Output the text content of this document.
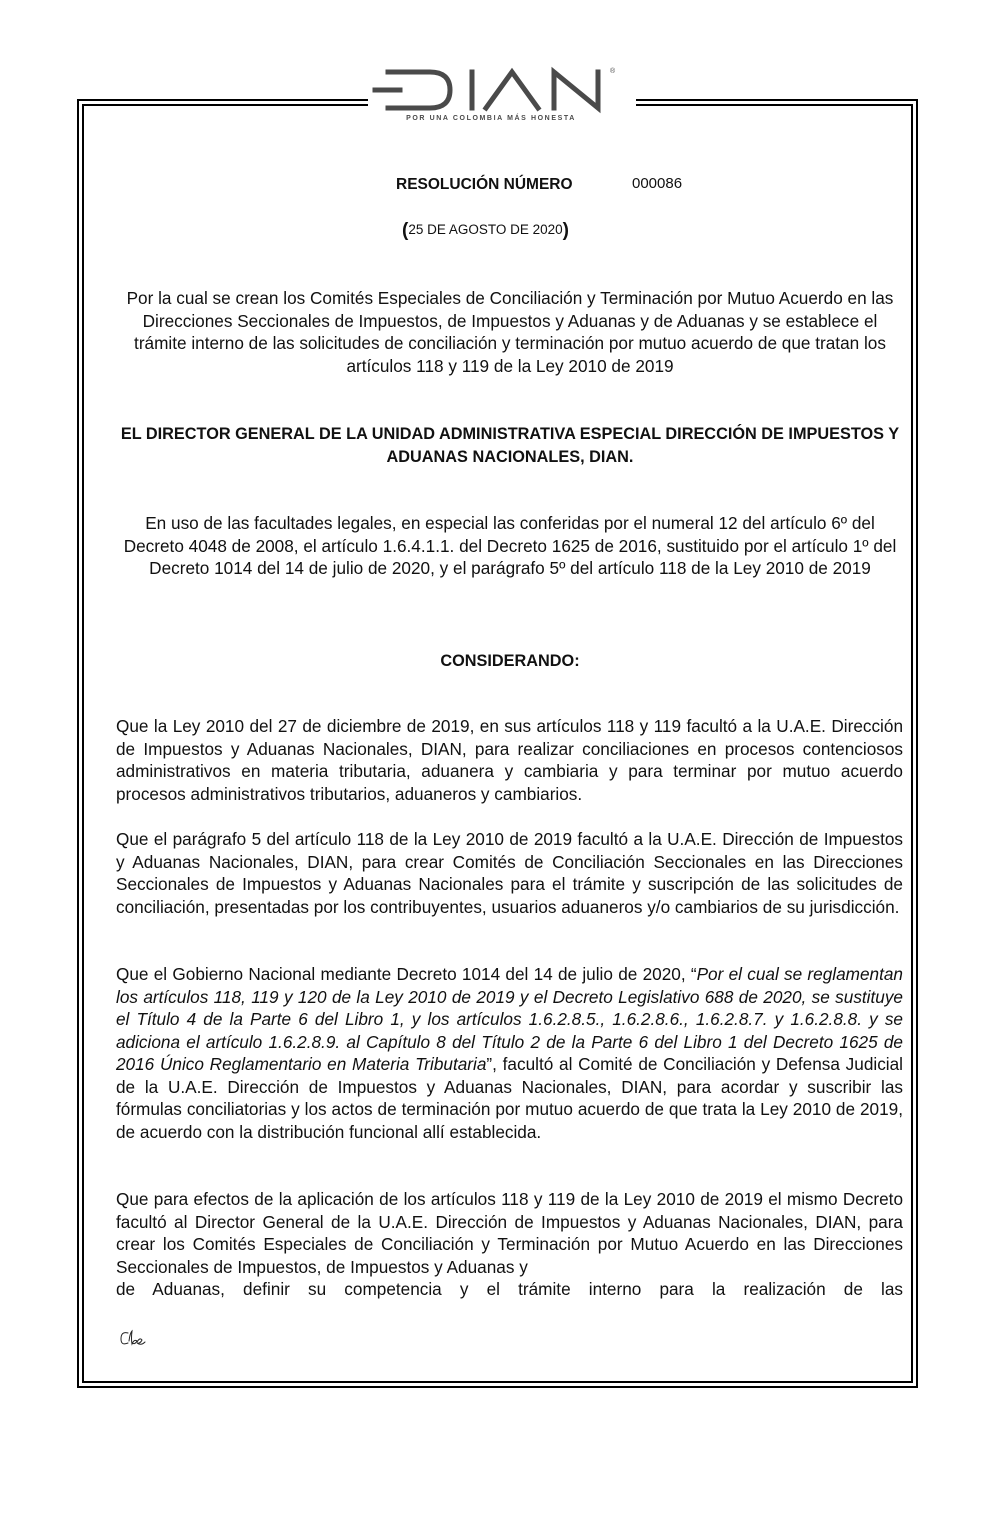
®
POR UNA COLOMBIA MÁS HONESTA
RESOLUCIÓN NÚMERO	000086
(25 DE AGOSTO DE 2020)
Por la cual se crean los Comités Especiales de Conciliación y Terminación por Mutuo Acuerdo en las Direcciones Seccionales de Impuestos, de Impuestos y Aduanas y de Aduanas y se establece el trámite interno de las solicitudes de conciliación y terminación por mutuo acuerdo de que tratan los artículos 118 y 119 de la Ley 2010 de 2019
EL DIRECTOR GENERAL DE LA UNIDAD ADMINISTRATIVA ESPECIAL DIRECCIÓN DE IMPUESTOS Y ADUANAS NACIONALES, DIAN.
En uso de las facultades legales, en especial las conferidas por el numeral 12 del artículo 6º del Decreto 4048 de 2008, el artículo 1.6.4.1.1. del Decreto 1625 de 2016, sustituido por el artículo 1º del Decreto 1014 del 14 de julio de 2020, y el parágrafo 5º del artículo 118 de la Ley 2010 de 2019
CONSIDERANDO:
Que la Ley 2010 del 27 de diciembre de 2019, en sus artículos 118 y 119 facultó a la U.A.E. Dirección de Impuestos y Aduanas Nacionales, DIAN, para realizar conciliaciones en procesos contenciosos administrativos en materia tributaria, aduanera y cambiaria y para terminar por mutuo acuerdo procesos administrativos tributarios, aduaneros y cambiarios.
Que el parágrafo 5 del artículo 118 de la Ley 2010 de 2019 facultó a la U.A.E. Dirección de Impuestos y Aduanas Nacionales, DIAN, para crear Comités de Conciliación Seccionales en las Direcciones Seccionales de Impuestos y Aduanas Nacionales para el trámite y suscripción de las solicitudes de conciliación, presentadas por los contribuyentes, usuarios aduaneros y/o cambiarios de su jurisdicción.
Que el Gobierno Nacional mediante Decreto 1014 del 14 de julio de 2020, “Por el cual se reglamentan los artículos 118, 119 y 120 de la Ley 2010 de 2019 y el Decreto Legislativo 688 de 2020, se sustituye el Título 4 de la Parte 6 del Libro 1, y los artículos 1.6.2.8.5., 1.6.2.8.6., 1.6.2.8.7. y 1.6.2.8.8. y se adiciona el artículo 1.6.2.8.9. al Capítulo 8 del Título 2 de la Parte 6 del Libro 1 del Decreto 1625 de 2016 Único Reglamentario en Materia Tributaria”, facultó al Comité de Conciliación y Defensa Judicial de la U.A.E. Dirección de Impuestos y Aduanas Nacionales, DIAN, para acordar y suscribir las fórmulas conciliatorias y los actos de terminación por mutuo acuerdo de que trata la Ley 2010 de 2019, de acuerdo con la distribución funcional allí establecida.
Que para efectos de la aplicación de los artículos 118 y 119 de la Ley 2010 de 2019 el mismo Decreto facultó al Director General de la U.A.E. Dirección de Impuestos y Aduanas Nacionales, DIAN, para crear los Comités Especiales de Conciliación y Terminación por Mutuo Acuerdo en las Direcciones Seccionales de Impuestos, de Impuestos y Aduanas y
de Aduanas, definir su competencia y el trámite interno para la realización de las
